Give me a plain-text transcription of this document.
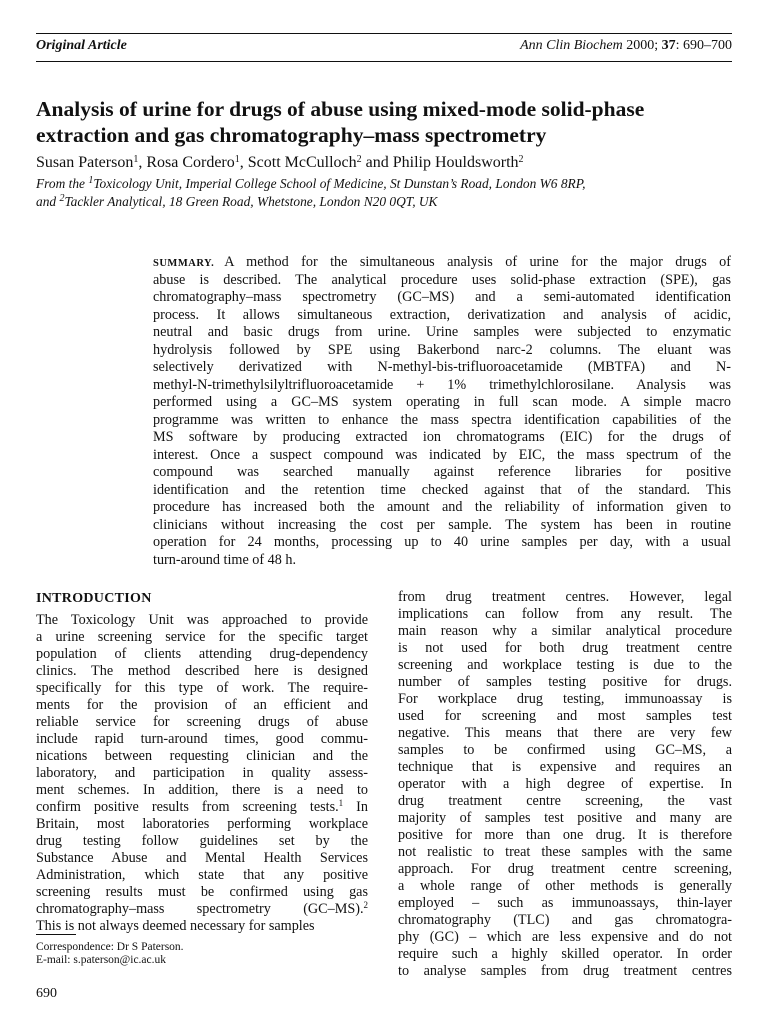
Original Article	Ann Clin Biochem 2000; 37: 690–700
Analysis of urine for drugs of abuse using mixed-mode solid-phase
extraction and gas chromatography–mass spectrometry
Susan Paterson$^1$, Rosa Cordero$^1$, Scott McCulloch$^2$ and Philip Houldsworth$^2$
From the $^1$Toxicology Unit, Imperial College School of Medicine, St Dunstan’s Road, London W6 8RP,
and $^2$Tackler Analytical, 18 Green Road, Whetstone, London N20 0QT, UK
SUMMARY. A method for the simultaneous analysis of urine for the major drugs of
abuse is described. The analytical procedure uses solid-phase extraction (SPE), gas
chromatography–mass spectrometry (GC–MS) and a semi-automated identification
process. It allows simultaneous extraction, derivatization and analysis of acidic,
neutral and basic drugs from urine. Urine samples were subjected to enzymatic
hydrolysis followed by SPE using Bakerbond narc-2 columns. The eluant was
selectively derivatized with N-methyl-bis-trifluoroacetamide (MBTFA) and N-
methyl-N-trimethylsilyltrifluoroacetamide + 1% trimethylchlorosilane. Analysis was
performed using a GC–MS system operating in full scan mode. A simple macro
programme was written to enhance the mass spectra identification capabilities of the
MS software by producing extracted ion chromatograms (EIC) for the drugs of
interest. Once a suspect compound was indicated by EIC, the mass spectrum of the
compound was searched manually against reference libraries for positive
identification and the retention time checked against that of the standard. This
procedure has increased both the amount and the reliability of information given to
clinicians without increasing the cost per sample. The system has been in routine
operation for 24 months, processing up to 40 urine samples per day, with a usual
turn-around time of 48 h.
INTRODUCTION
The Toxicology Unit was approached to provide
a urine screening service for the specific target
population of clients attending drug-dependency
clinics. The method described here is designed
specifically for this type of work. The require-
ments for the provision of an efficient and
reliable service for screening drugs of abuse
include rapid turn-around times, good commu-
nications between requesting clinician and the
laboratory, and participation in quality assess-
ment schemes. In addition, there is a need to
confirm positive results from screening tests.$^1$ In
Britain, most laboratories performing workplace
drug testing follow guidelines set by the
Substance Abuse and Mental Health Services
Administration, which state that any positive
screening results must be confirmed using gas
chromatography–mass spectrometry (GC–MS).$^2$
This is not always deemed necessary for samples
from drug treatment centres. However, legal
implications can follow from any result. The
main reason why a similar analytical procedure
is not used for both drug treatment centre
screening and workplace testing is due to the
number of samples testing positive for drugs.
For workplace drug testing, immunoassay is
used for screening and most samples test
negative. This means that there are very few
samples to be confirmed using GC–MS, a
technique that is expensive and requires an
operator with a high degree of expertise. In
drug treatment centre screening, the vast
majority of samples test positive and many are
positive for more than one drug. It is therefore
not realistic to treat these samples with the same
approach. For drug treatment centre screening,
a whole range of other methods is generally
employed – such as immunoassays, thin-layer
chromatography (TLC) and gas chromatogra-
phy (GC) – which are less expensive and do not
require such a highly skilled operator. In order
to analyse samples from drug treatment centres
Correspondence: Dr S Paterson.
E-mail: s.paterson@ic.ac.uk
690
